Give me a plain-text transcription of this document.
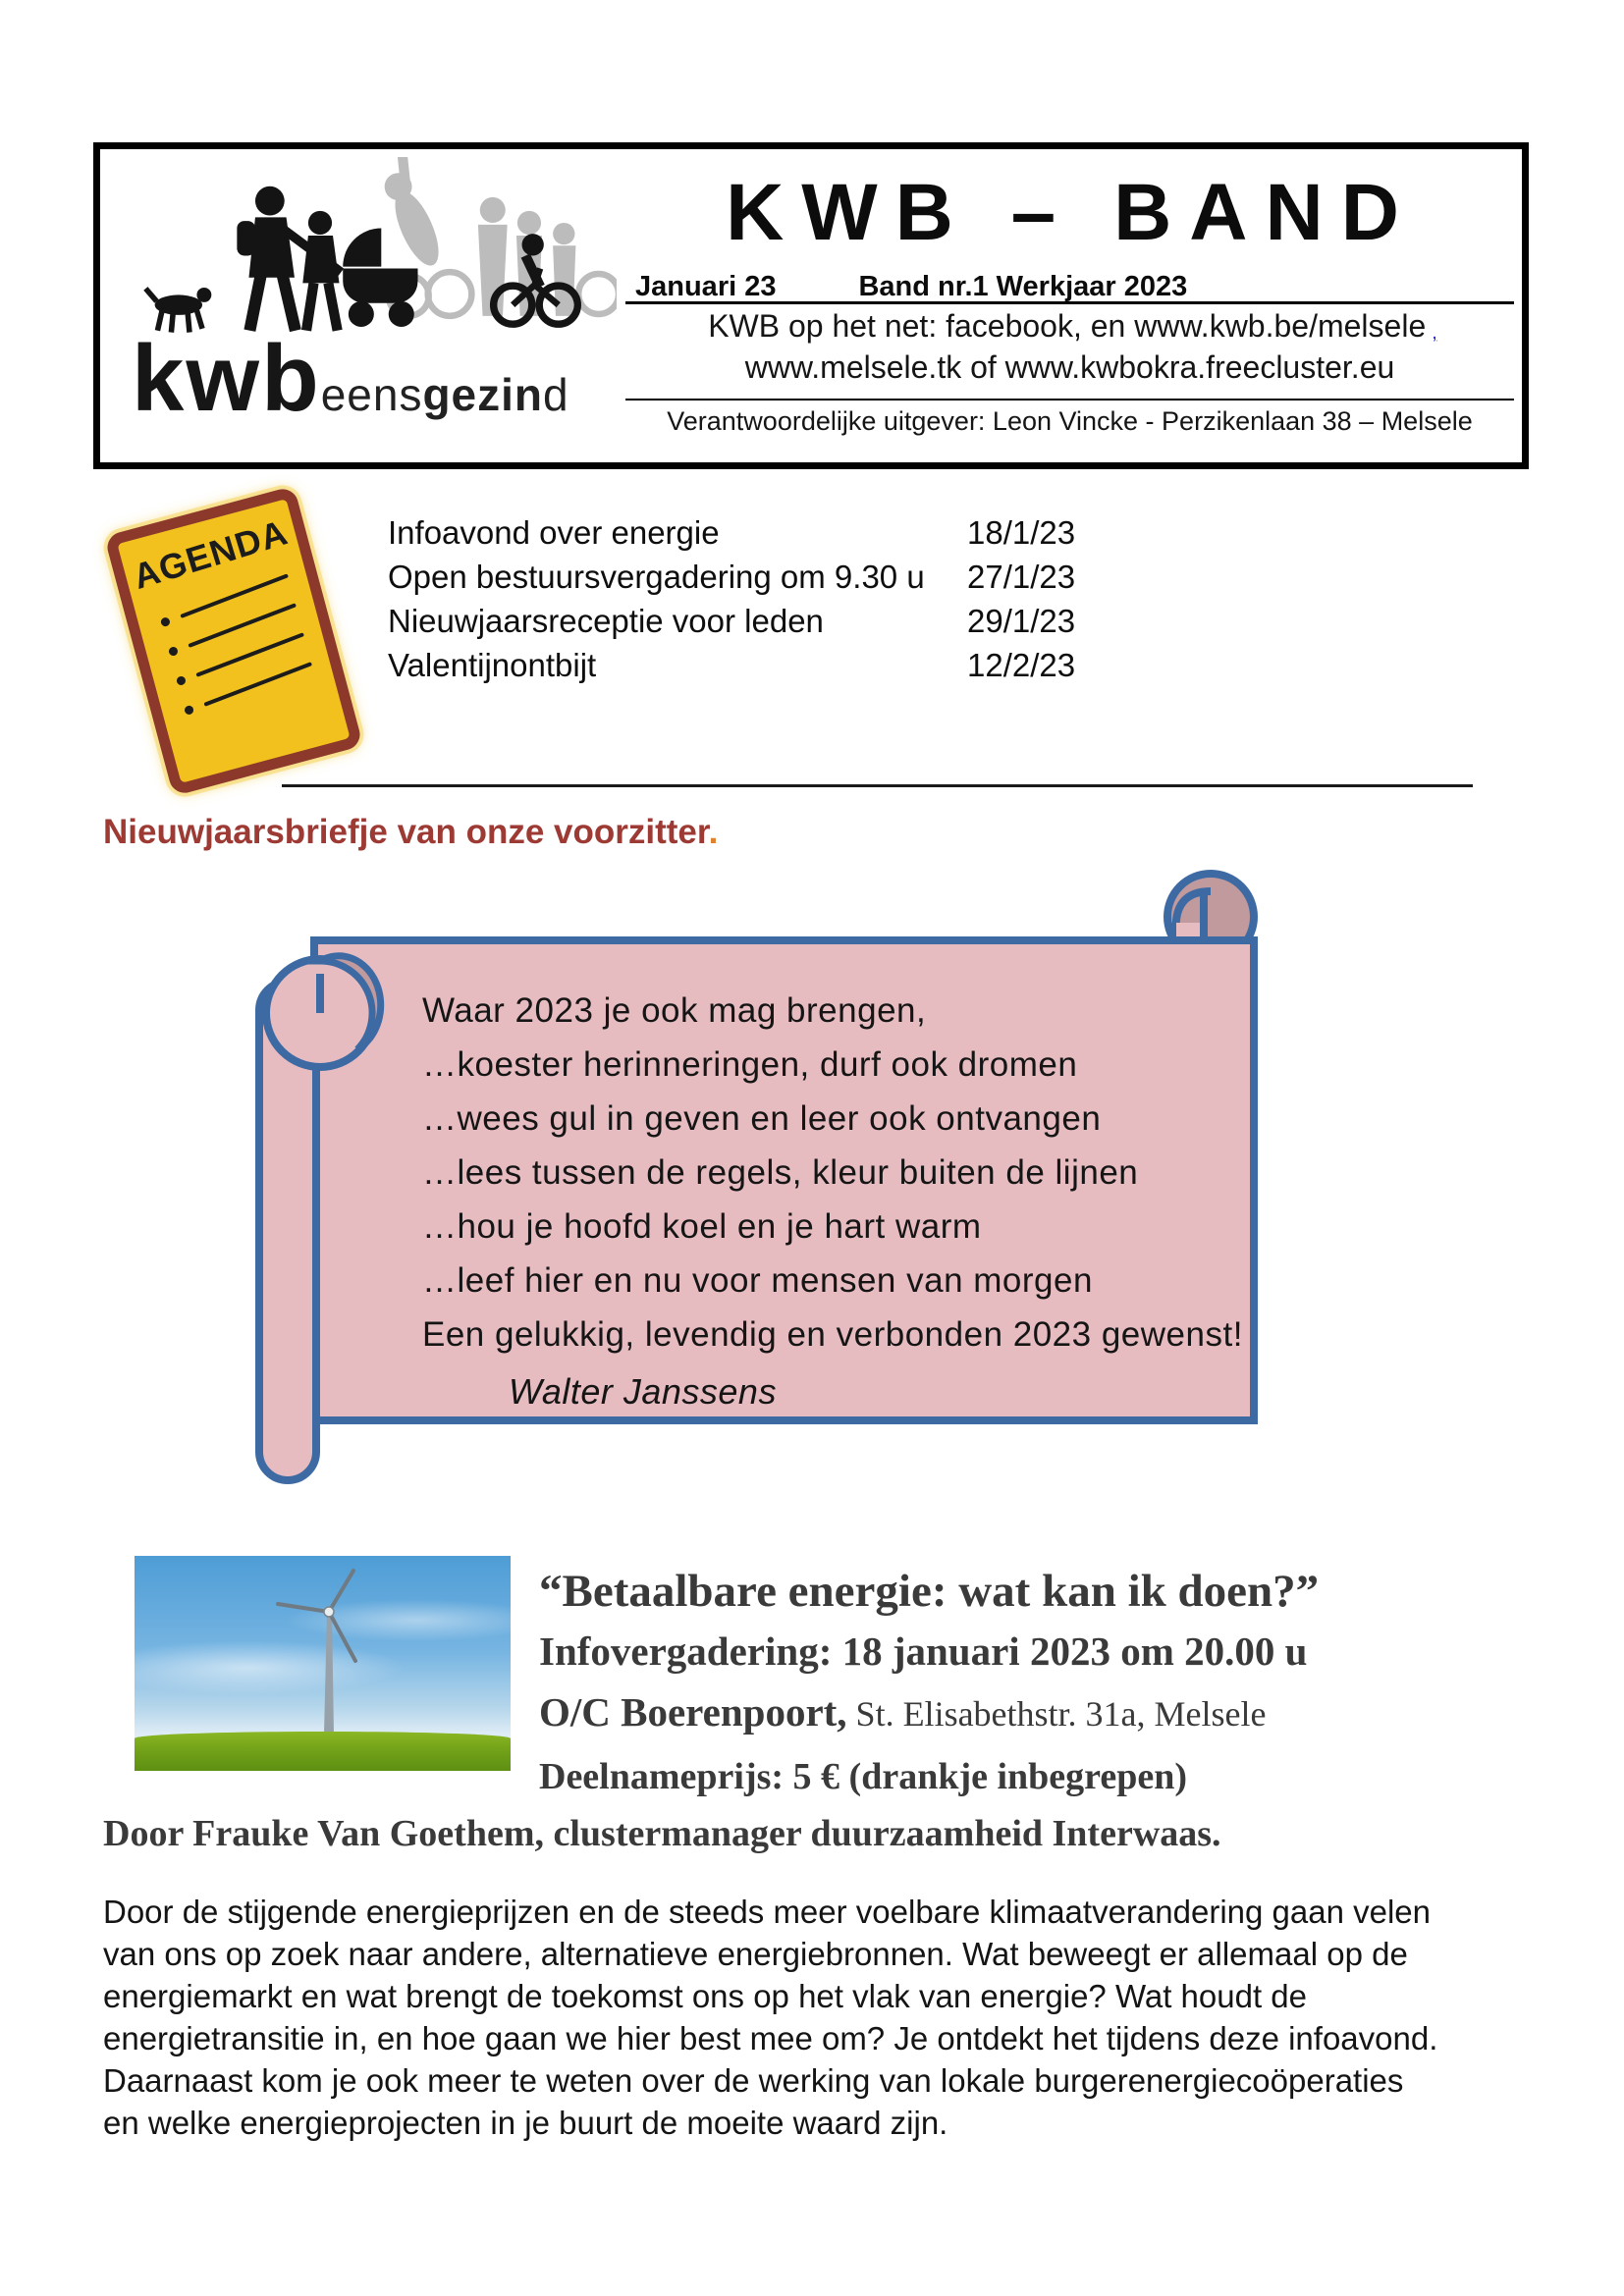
kwb eens gezin d
KWB – BAND
Januari 23	Band nr.1 Werkjaar 2023
KWB op het net: facebook, en www.kwb.be/melsele ,
www.melsele.tk of www.kwbokra.freecluster.eu
Verantwoordelijke uitgever: Leon Vincke - Perzikenlaan 38 – Melsele
AGENDA	Infoavond over energie	18/1/23
Open bestuursvergadering om 9.30 u	27/1/23
Nieuwjaarsreceptie voor leden	29/1/23
Valentijnontbijt	12/2/23
Nieuwjaarsbriefje van onze voorzitter.
Waar 2023 je ook mag brengen,
…koester herinneringen, durf ook dromen
…wees gul in geven en leer ook ontvangen
…lees tussen de regels, kleur buiten de lijnen
…hou je hoofd koel en je hart warm
…leef hier en nu voor mensen van morgen
Een gelukkig, levendig en verbonden 2023 gewenst!
Walter Janssens
“Betaalbare energie: wat kan ik doen?”
Infovergadering: 18 januari 2023 om 20.00 u
O/C Boerenpoort, St. Elisabethstr. 31a, Melsele
Deelnameprijs: 5 € (drankje inbegrepen)
Door Frauke Van Goethem, clustermanager duurzaamheid Interwaas.
Door de stijgende energieprijzen en de steeds meer voelbare klimaatverandering gaan velen van ons op zoek naar andere, alternatieve energiebronnen. Wat beweegt er allemaal op de energiemarkt en wat brengt de toekomst ons op het vlak van energie? Wat houdt de energietransitie in, en hoe gaan we hier best mee om? Je ontdekt het tijdens deze infoavond. Daarnaast kom je ook meer te weten over de werking van lokale burgerenergiecoöperaties en welke energieprojecten in je buurt de moeite waard zijn.
